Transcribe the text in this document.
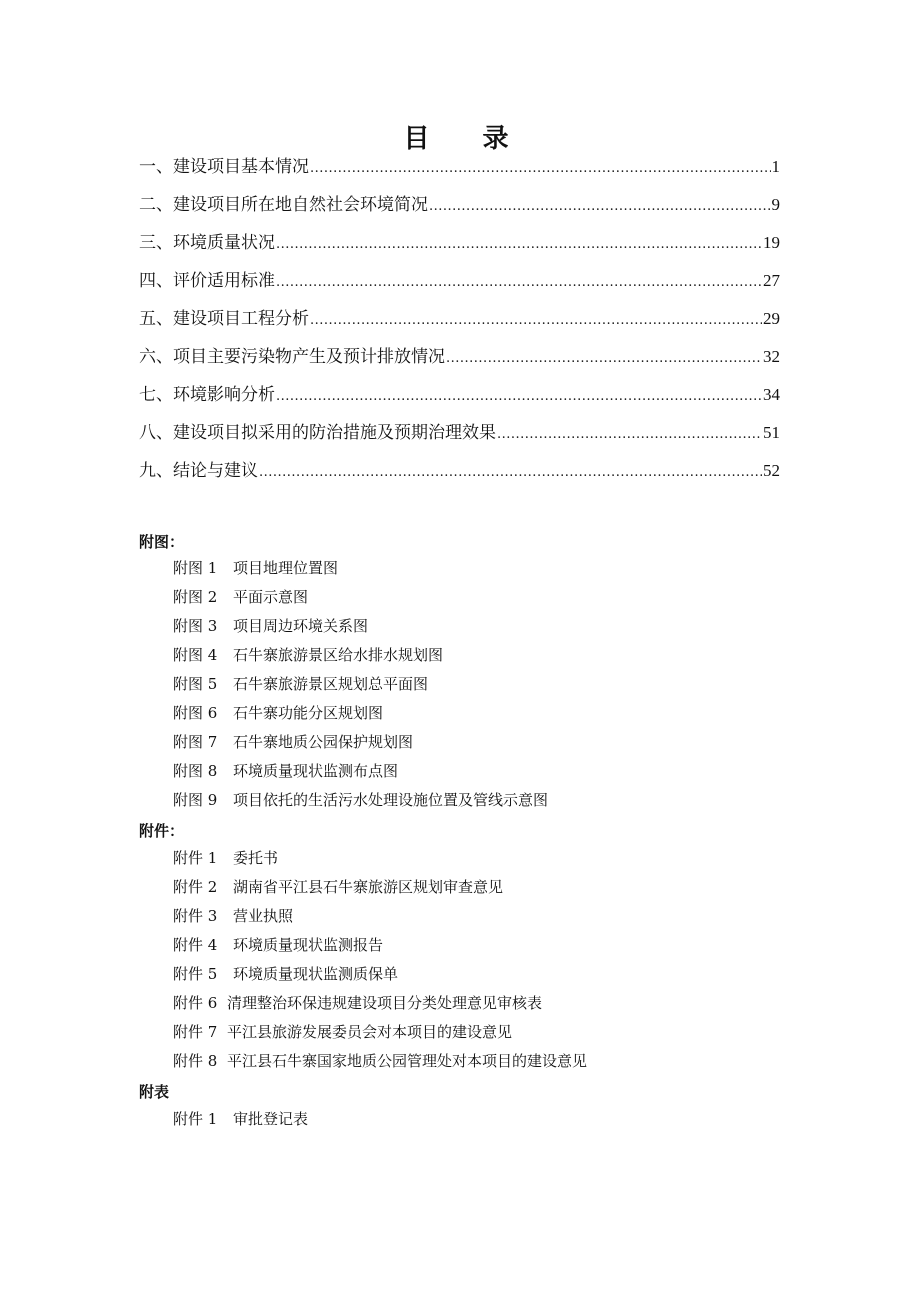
目 录
一、建设项目基本情况 .....	1
二、建设项目所在地自然社会环境简况 .....	9
三、环境质量状况 .....	19
四、评价适用标准 .....	27
五、建设项目工程分析 .....	29
六、项目主要污染物产生及预计排放情况 .....	32
七、环境影响分析 .....	34
八、建设项目拟采用的防治措施及预期治理效果 .....	51
九、结论与建议 .....	52
附图：
附图 1 项目地理位置图
附图 2 平面示意图
附图 3 项目周边环境关系图
附图 4 石牛寨旅游景区给水排水规划图
附图 5 石牛寨旅游景区规划总平面图
附图 6 石牛寨功能分区规划图
附图 7 石牛寨地质公园保护规划图
附图 8 环境质量现状监测布点图
附图 9 项目依托的生活污水处理设施位置及管线示意图
附件：
附件 1 委托书
附件 2 湖南省平江县石牛寨旅游区规划审查意见
附件 3 营业执照
附件 4 环境质量现状监测报告
附件 5 环境质量现状监测质保单
附件 6 清理整治环保违规建设项目分类处理意见审核表
附件 7 平江县旅游发展委员会对本项目的建设意见
附件 8 平江县石牛寨国家地质公园管理处对本项目的建设意见
附表
附件 1 审批登记表
